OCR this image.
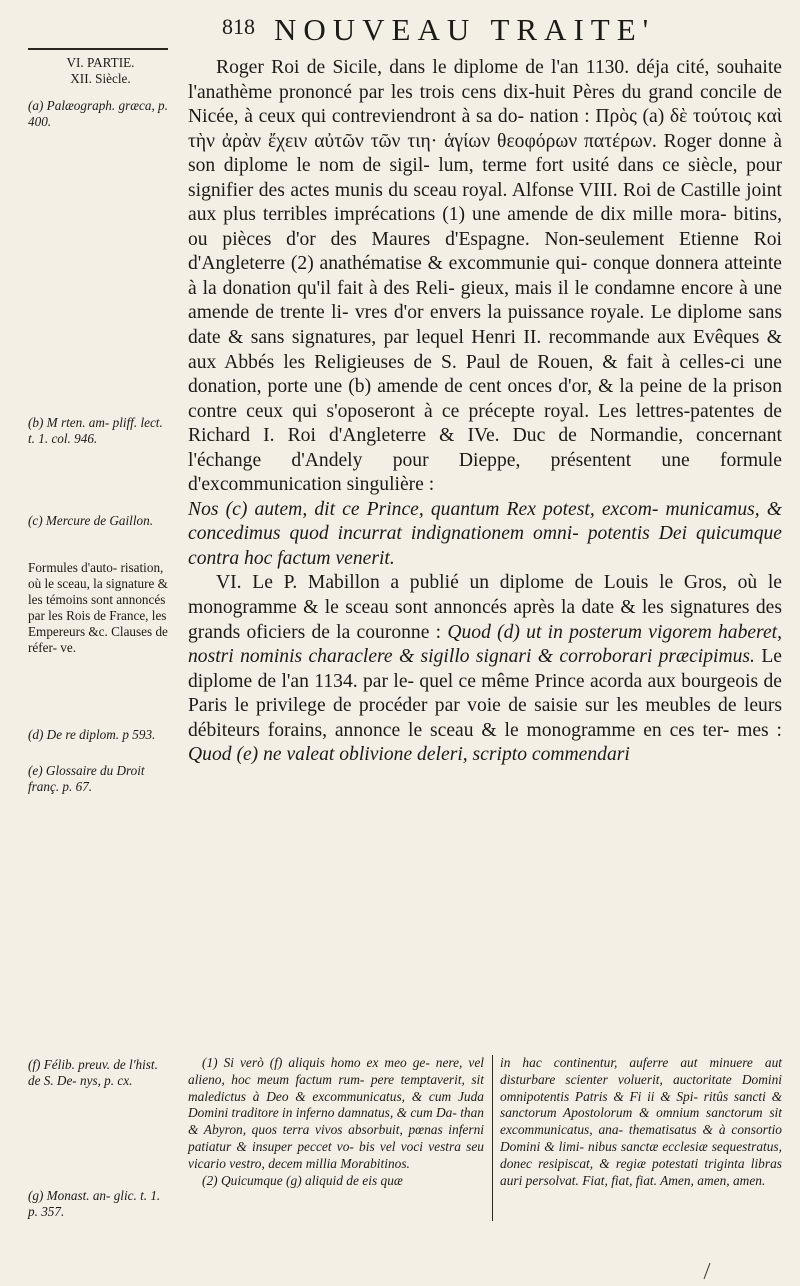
818 NOUVEAU TRAITE'
VI. PARTIE.
XII. Siècle.
(a) Palæograph. græca, p. 400.
(b) M rten. am- pliff. lect. t. 1. col. 946.
(c) Mercure de Gaillon.
Formules d'auto- risation, où le sceau, la signature & les témoins sont annoncés par les Rois de France, les Empereurs &c. Clauses de réfer- ve.
(d) De re diplom. p 593.
(e) Glossaire du Droit franç. p. 67.
(f) Félib. preuv. de l'hist. de S. De- nys, p. cx.
(g) Monast. an- glic. t. 1. p. 357.

Roger Roi de Sicile, dans le diplome de l'an 1130. déja cité, souhaite l'anathème prononcé par les trois cens dix-huit Pères du grand concile de Nicée, à ceux qui contreviendront à sa do- nation : Πρὸς (a) δὲ τούτοις καὶ τὴν ἀρὰν ἔχειν αὐτῶν τῶν τιη· ἁγίων θεοφόρων πατέρων. Roger donne à son diplome le nom de sigil- lum, terme fort usité dans ce siècle, pour signifier des actes munis du sceau royal. Alfonse VIII. Roi de Castille joint aux plus terribles imprécations (1) une amende de dix mille mora- bitins, ou pièces d'or des Maures d'Espagne. Non-seulement Etienne Roi d'Angleterre (2) anathématise & excommunie qui- conque donnera atteinte à la donation qu'il fait à des Reli- gieux, mais il le condamne encore à une amende de trente li- vres d'or envers la puissance royale. Le diplome sans date & sans signatures, par lequel Henri II. recommande aux Evêques & aux Abbés les Religieuses de S. Paul de Rouen, & fait à celles-ci une donation, porte une (b) amende de cent onces d'or, & la peine de la prison contre ceux qui s'oposeront à ce précepte royal. Les lettres-patentes de Richard I. Roi d'Angleterre & IVe. Duc de Normandie, concernant l'échange d'Andely pour Dieppe, présentent une formule d'excommunication singulière :

Nos (c) autem, dit ce Prince, quantum Rex potest, excom- municamus, & concedimus quod incurrat indignationem omni- potentis Dei quicumque contra hoc factum venerit.

VI. Le P. Mabillon a publié un diplome de Louis le Gros, où le monogramme & le sceau sont annoncés après la date & les signatures des grands oficiers de la couronne : Quod (d) ut in posterum vigorem haberet, nostri nominis characlere & sigillo signari & corroborari præcipimus. Le diplome de l'an 1134. par le- quel ce même Prince acorda aux bourgeois de Paris le privilege de procéder par voie de saisie sur les meubles de leurs débiteurs forains, annonce le sceau & le monogramme en ces ter- mes : Quod (e) ne valeat oblivione deleri, scripto commendari

(1) Si verò (f) aliquis homo ex meo ge- nere, vel alieno, hoc meum factum rum- pere temptaverit, sit maledictus à Deo & excommunicatus, & cum Juda Domini traditore in inferno damnatus, & cum Da- than & Abyron, quos terra vivos absorbuit, pœnas inferni patiatur & insuper peccet vo- bis vel voci vestra seu vicario vestro, decem millia Morabitinos.

(2) Quicumque (g) aliquid de eis quæ

in hac continentur, auferre aut minuere aut disturbare scienter voluerit, auctoritate Domini omnipotentis Patris & Fi ii & Spi- ritûs sancti & sanctorum Apostolorum & omnium sanctorum sit excommunicatus, ana- thematisatus & à consortio Domini & limi- nibus sanctæ ecclesiæ sequestratus, donec resipiscat, & regiæ potestati triginta libras auri persolvat. Fiat, fiat, fiat. Amen, amen, amen.
